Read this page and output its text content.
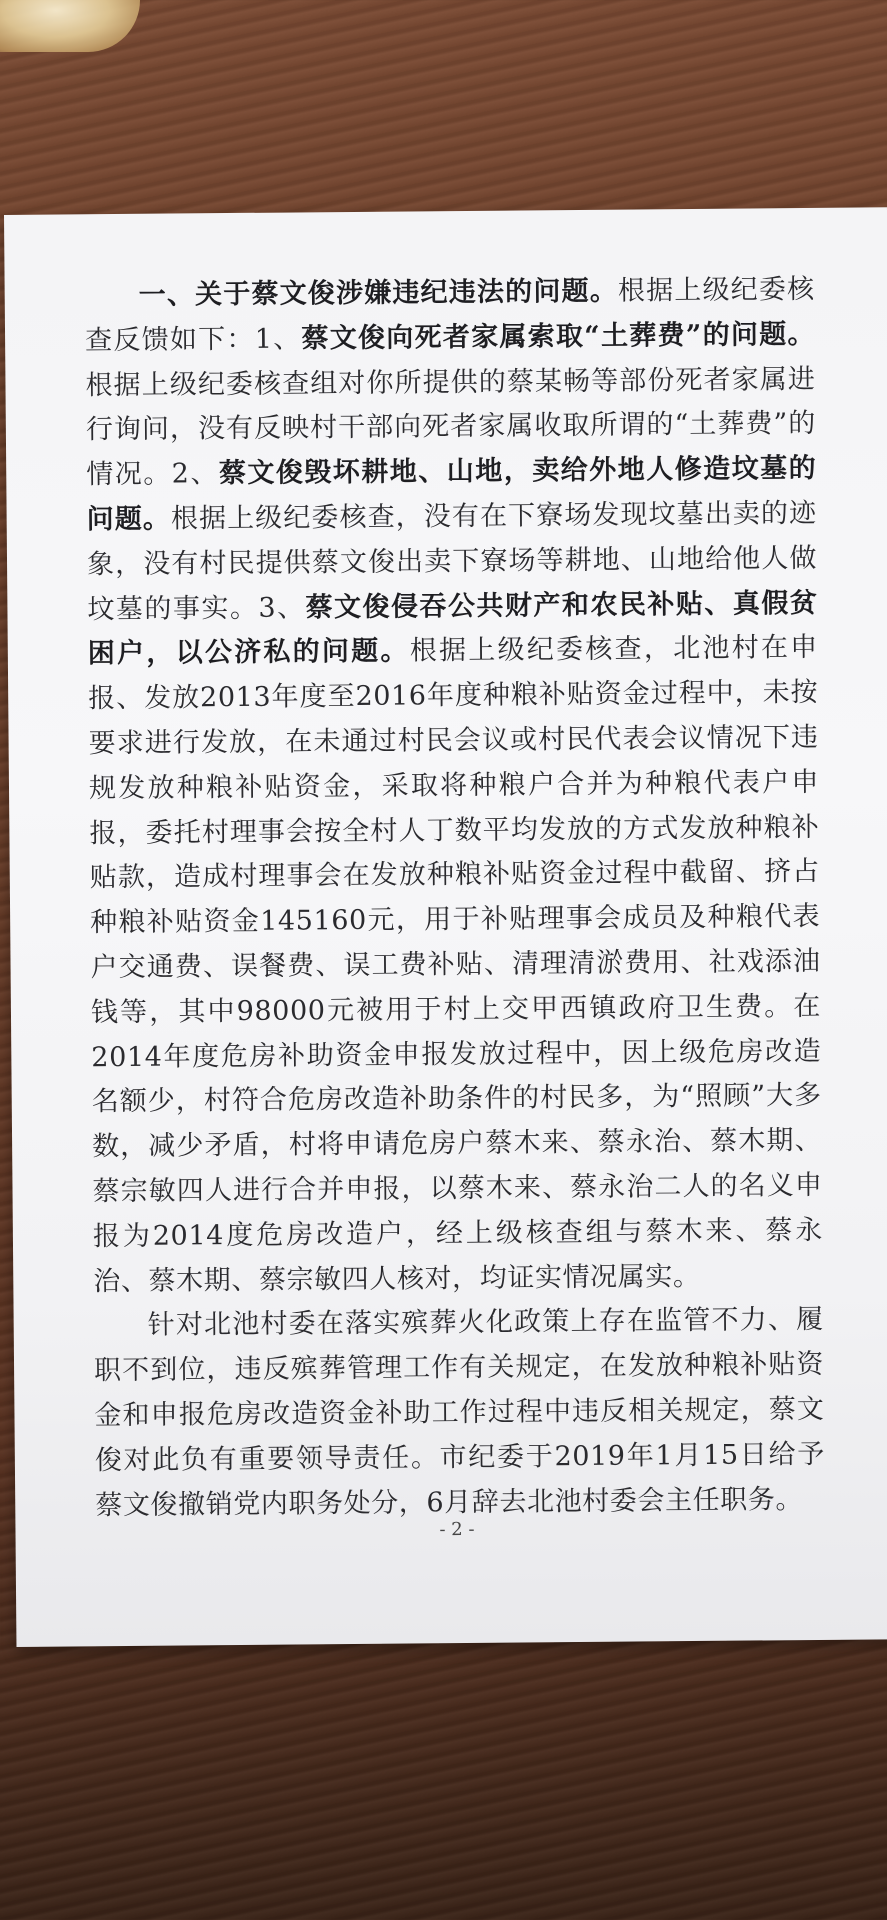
一、关于蔡文俊涉嫌违纪违法的问题。根据上级纪委核查反馈如下：1、蔡文俊向死者家属索取“土葬费”的问题。根据上级纪委核查组对你所提供的蔡某畅等部份死者家属进行询问，没有反映村干部向死者家属收取所谓的“土葬费”的情况。2、蔡文俊毁坏耕地、山地，卖给外地人修造坟墓的问题。根据上级纪委核查，没有在下寮场发现坟墓出卖的迹象，没有村民提供蔡文俊出卖下寮场等耕地、山地给他人做坟墓的事实。3、蔡文俊侵吞公共财产和农民补贴、真假贫困户，以公济私的问题。根据上级纪委核查，北池村在申报、发放2013年度至2016年度种粮补贴资金过程中，未按要求进行发放，在未通过村民会议或村民代表会议情况下违规发放种粮补贴资金，采取将种粮户合并为种粮代表户申报，委托村理事会按全村人丁数平均发放的方式发放种粮补贴款，造成村理事会在发放种粮补贴资金过程中截留、挤占种粮补贴资金145160元，用于补贴理事会成员及种粮代表户交通费、误餐费、误工费补贴、清理清淤费用、社戏添油钱等，其中98000元被用于村上交甲西镇政府卫生费。在2014年度危房补助资金申报发放过程中，因上级危房改造名额少，村符合危房改造补助条件的村民多，为“照顾”大多数，减少矛盾，村将申请危房户蔡木来、蔡永治、蔡木期、蔡宗敏四人进行合并申报，以蔡木来、蔡永治二人的名义申报为2014度危房改造户，经上级核查组与蔡木来、蔡永治、蔡木期、蔡宗敏四人核对，均证实情况属实。

针对北池村委在落实殡葬火化政策上存在监管不力、履职不到位，违反殡葬管理工作有关规定，在发放种粮补贴资金和申报危房改造资金补助工作过程中违反相关规定，蔡文俊对此负有重要领导责任。市纪委于2019年1月15日给予蔡文俊撤销党内职务处分，6月辞去北池村委会主任职务。

- 2 -
